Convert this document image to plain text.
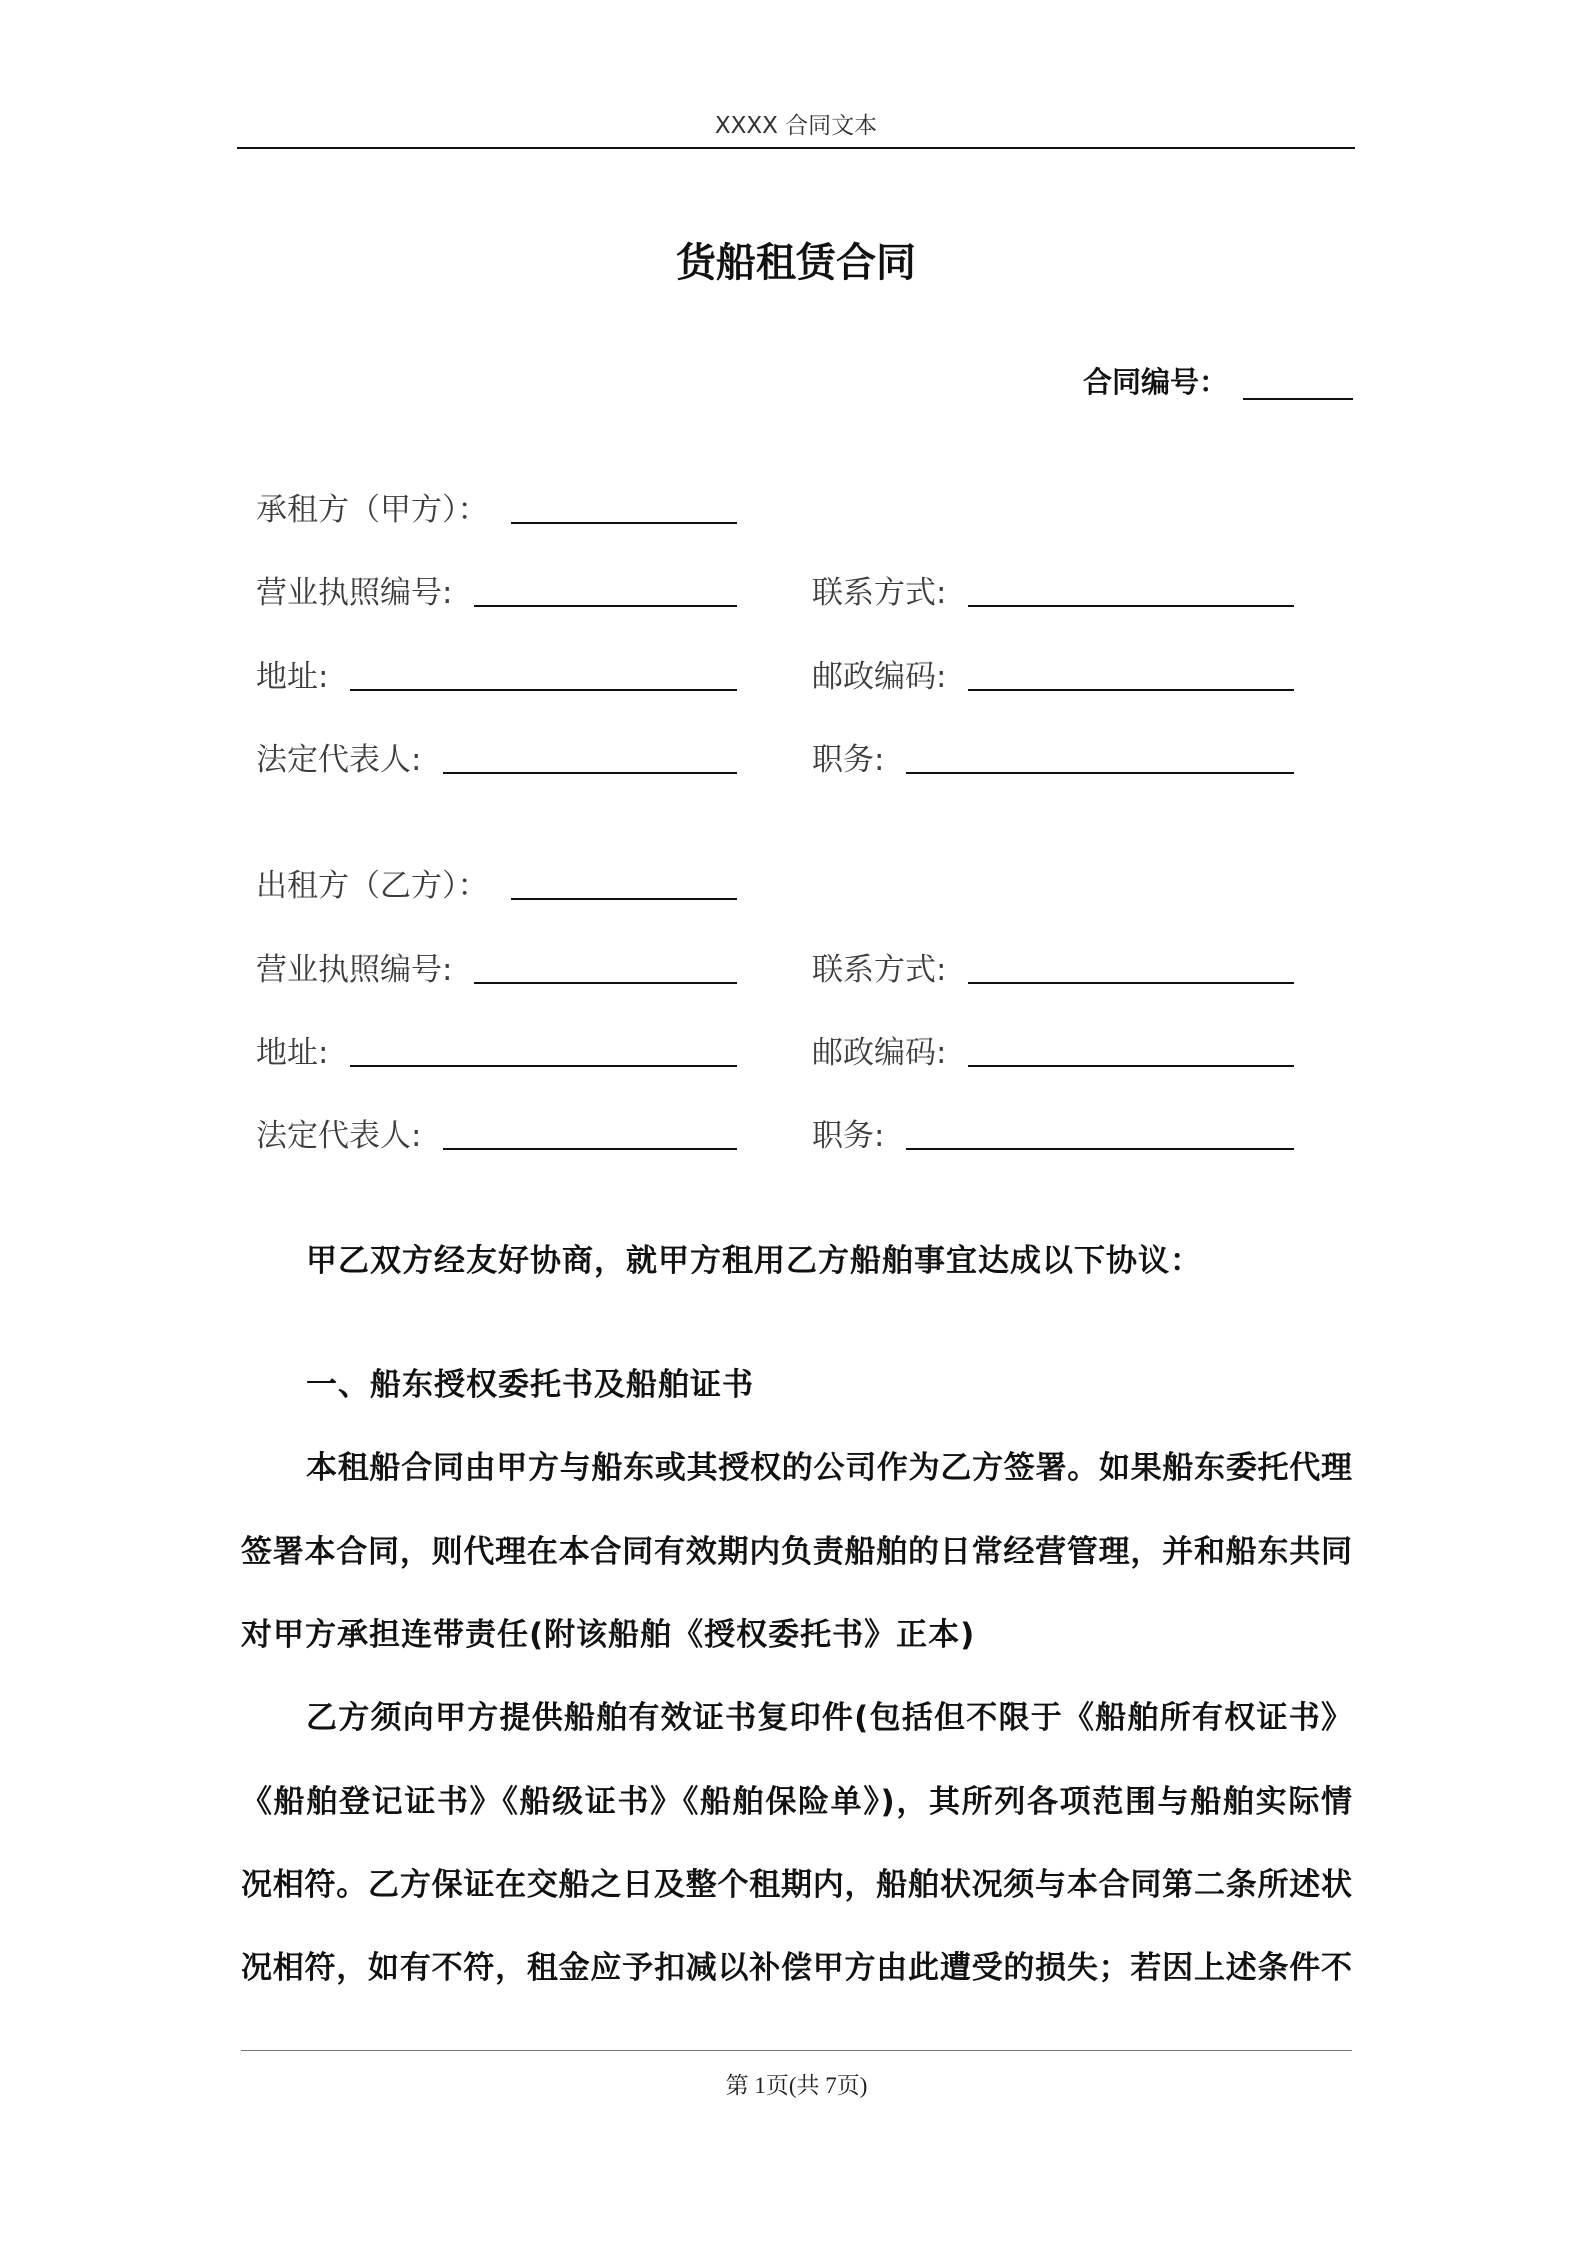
XXXX 合同文本
货船租赁合同
合同编号：
承租方（甲方）：
营业执照编号:	联系方式:
地址:	邮政编码:
法定代表人:	职务:
出租方（乙方）：
营业执照编号:	联系方式:
地址:	邮政编码:
法定代表人:	职务:
甲乙双方经友好协商，就甲方租用乙方船舶事宜达成以下协议：
一、船东授权委托书及船舶证书
本租船合同由甲方与船东或其授权的公司作为乙方签署。如果船东委托代理
签署本合同，则代理在本合同有效期内负责船舶的日常经营管理，并和船东共同
对甲方承担连带责任(附该船舶《授权委托书》正本)
乙方须向甲方提供船舶有效证书复印件(包括但不限于《船舶所有权证书》
《船舶登记证书》《船级证书》《船舶保险单》)，其所列各项范围与船舶实际情
况相符。乙方保证在交船之日及整个租期内，船舶状况须与本合同第二条所述状
况相符，如有不符，租金应予扣减以补偿甲方由此遭受的损失；若因上述条件不
第 1页(共 7页)
